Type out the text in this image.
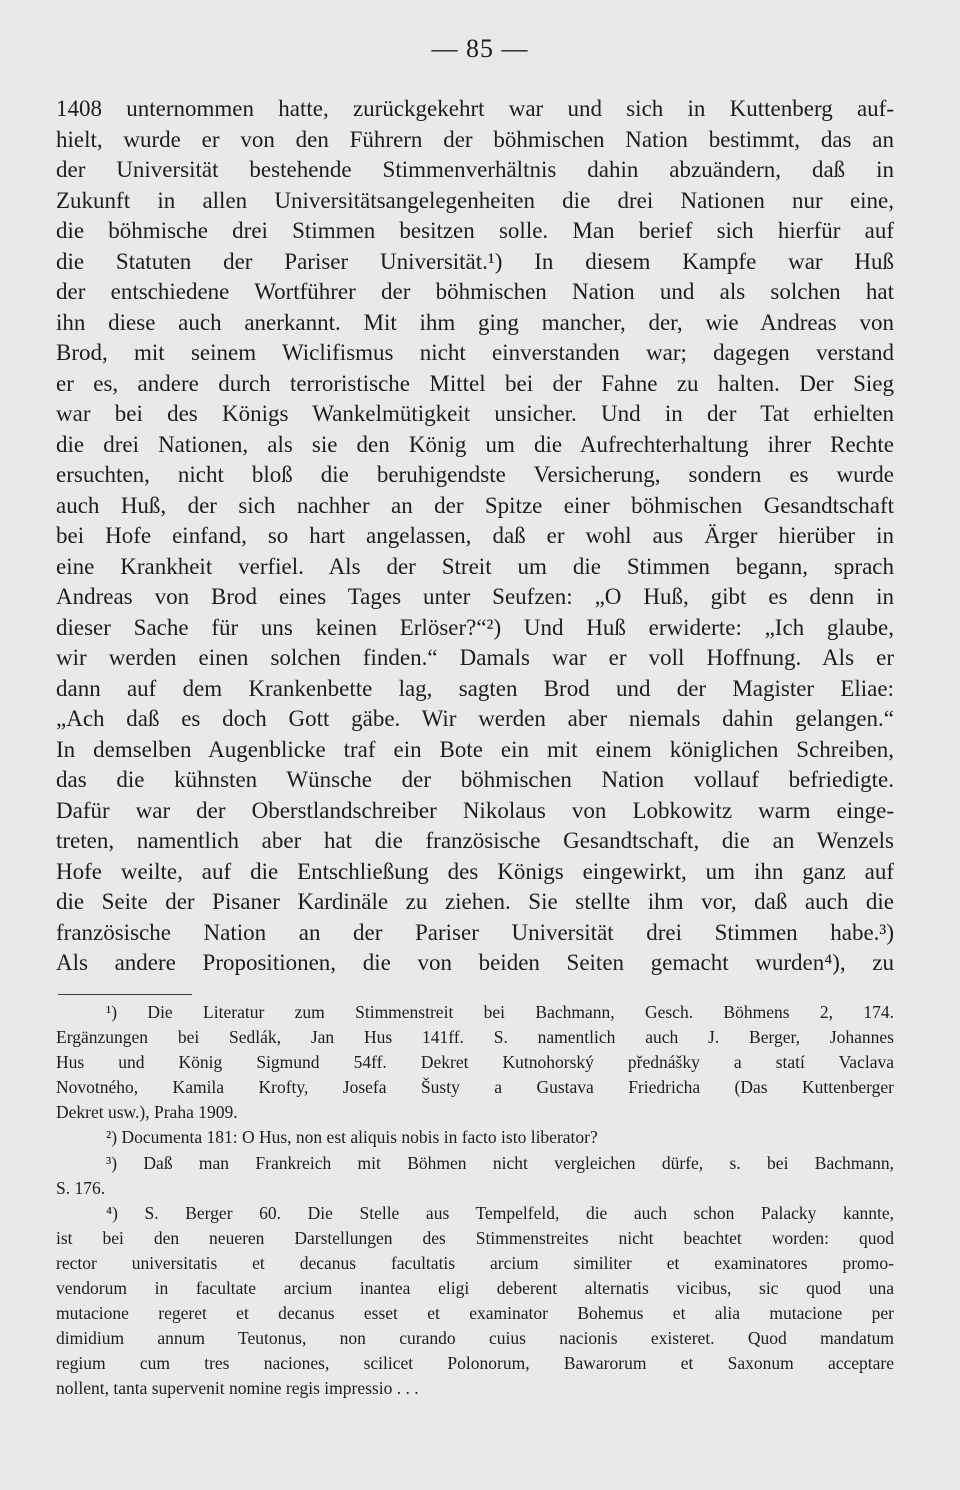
— 85 —
1408 unternommen hatte, zurückgekehrt war und sich in Kuttenberg auf-
hielt, wurde er von den Führern der böhmischen Nation bestimmt, das an
der Universität bestehende Stimmenverhältnis dahin abzuändern, daß in
Zukunft in allen Universitätsangelegenheiten die drei Nationen nur eine,
die böhmische drei Stimmen besitzen solle. Man berief sich hierfür auf
die Statuten der Pariser Universität.¹) In diesem Kampfe war Huß
der entschiedene Wortführer der böhmischen Nation und als solchen hat
ihn diese auch anerkannt. Mit ihm ging mancher, der, wie Andreas von
Brod, mit seinem Wiclifismus nicht einverstanden war; dagegen verstand
er es, andere durch terroristische Mittel bei der Fahne zu halten. Der Sieg
war bei des Königs Wankelmütigkeit unsicher. Und in der Tat erhielten
die drei Nationen, als sie den König um die Aufrechterhaltung ihrer Rechte
ersuchten, nicht bloß die beruhigendste Versicherung, sondern es wurde
auch Huß, der sich nachher an der Spitze einer böhmischen Gesandtschaft
bei Hofe einfand, so hart angelassen, daß er wohl aus Ärger hierüber in
eine Krankheit verfiel. Als der Streit um die Stimmen begann, sprach
Andreas von Brod eines Tages unter Seufzen: „O Huß, gibt es denn in
dieser Sache für uns keinen Erlöser?“²) Und Huß erwiderte: „Ich glaube,
wir werden einen solchen finden.“ Damals war er voll Hoffnung. Als er
dann auf dem Krankenbette lag, sagten Brod und der Magister Eliae:
„Ach daß es doch Gott gäbe. Wir werden aber niemals dahin gelangen.“
In demselben Augenblicke traf ein Bote ein mit einem königlichen Schreiben,
das die kühnsten Wünsche der böhmischen Nation vollauf befriedigte.
Dafür war der Oberstlandschreiber Nikolaus von Lobkowitz warm einge-
treten, namentlich aber hat die französische Gesandtschaft, die an Wenzels
Hofe weilte, auf die Entschließung des Königs eingewirkt, um ihn ganz auf
die Seite der Pisaner Kardinäle zu ziehen. Sie stellte ihm vor, daß auch die
französische Nation an der Pariser Universität drei Stimmen habe.³)
Als andere Propositionen, die von beiden Seiten gemacht wurden⁴), zu
¹) Die Literatur zum Stimmenstreit bei Bachmann, Gesch. Böhmens 2, 174.
Ergänzungen bei Sedlák, Jan Hus 141ff. S. namentlich auch J. Berger, Johannes
Hus und König Sigmund 54ff. Dekret Kutnohorský přednášky a statí Vaclava
Novotného, Kamila Krofty, Josefa Šusty a Gustava Friedricha (Das Kuttenberger
Dekret usw.), Praha 1909.
²) Documenta 181: O Hus, non est aliquis nobis in facto isto liberator?
³) Daß man Frankreich mit Böhmen nicht vergleichen dürfe, s. bei Bachmann,
S. 176.
⁴) S. Berger 60. Die Stelle aus Tempelfeld, die auch schon Palacky kannte,
ist bei den neueren Darstellungen des Stimmenstreites nicht beachtet worden: quod
rector universitatis et decanus facultatis arcium similiter et examinatores promo-
vendorum in facultate arcium inantea eligi deberent alternatis vicibus, sic quod una
mutacione regeret et decanus esset et examinator Bohemus et alia mutacione per
dimidium annum Teutonus, non curando cuius nacionis existeret. Quod mandatum
regium cum tres naciones, scilicet Polonorum, Bawarorum et Saxonum acceptare
nollent, tanta supervenit nomine regis impressio . . .
